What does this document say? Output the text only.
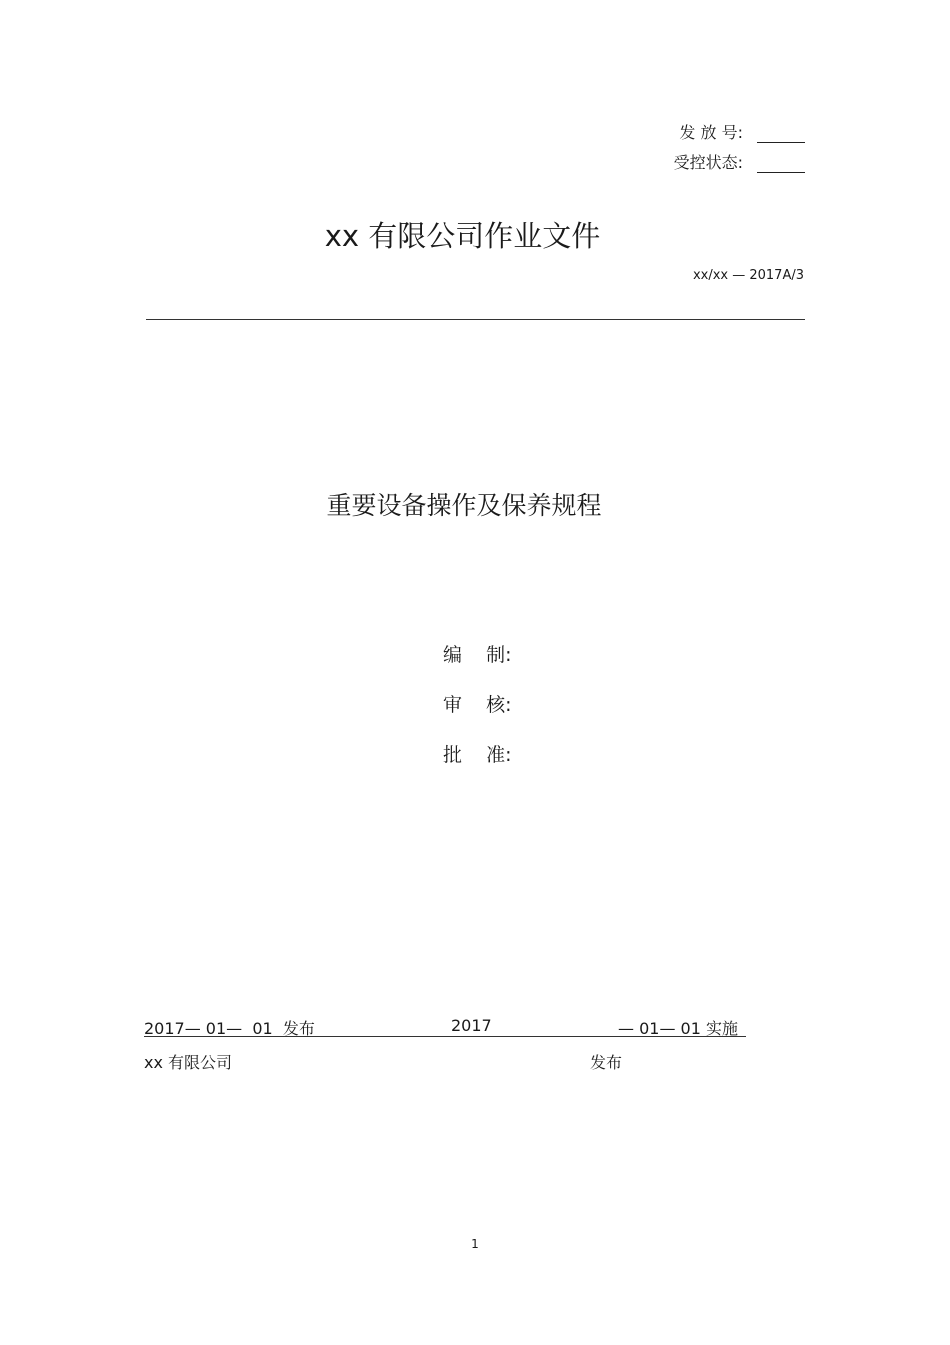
发 放 号:
受控状态:
xx 有限公司作业文件
xx/xx — 2017A/3
重要设备操作及保养规程
编    制:
审    核:
批    准:
2017— 01—  01  发布	2017	— 01— 01 实施
xx 有限公司	发布
1
